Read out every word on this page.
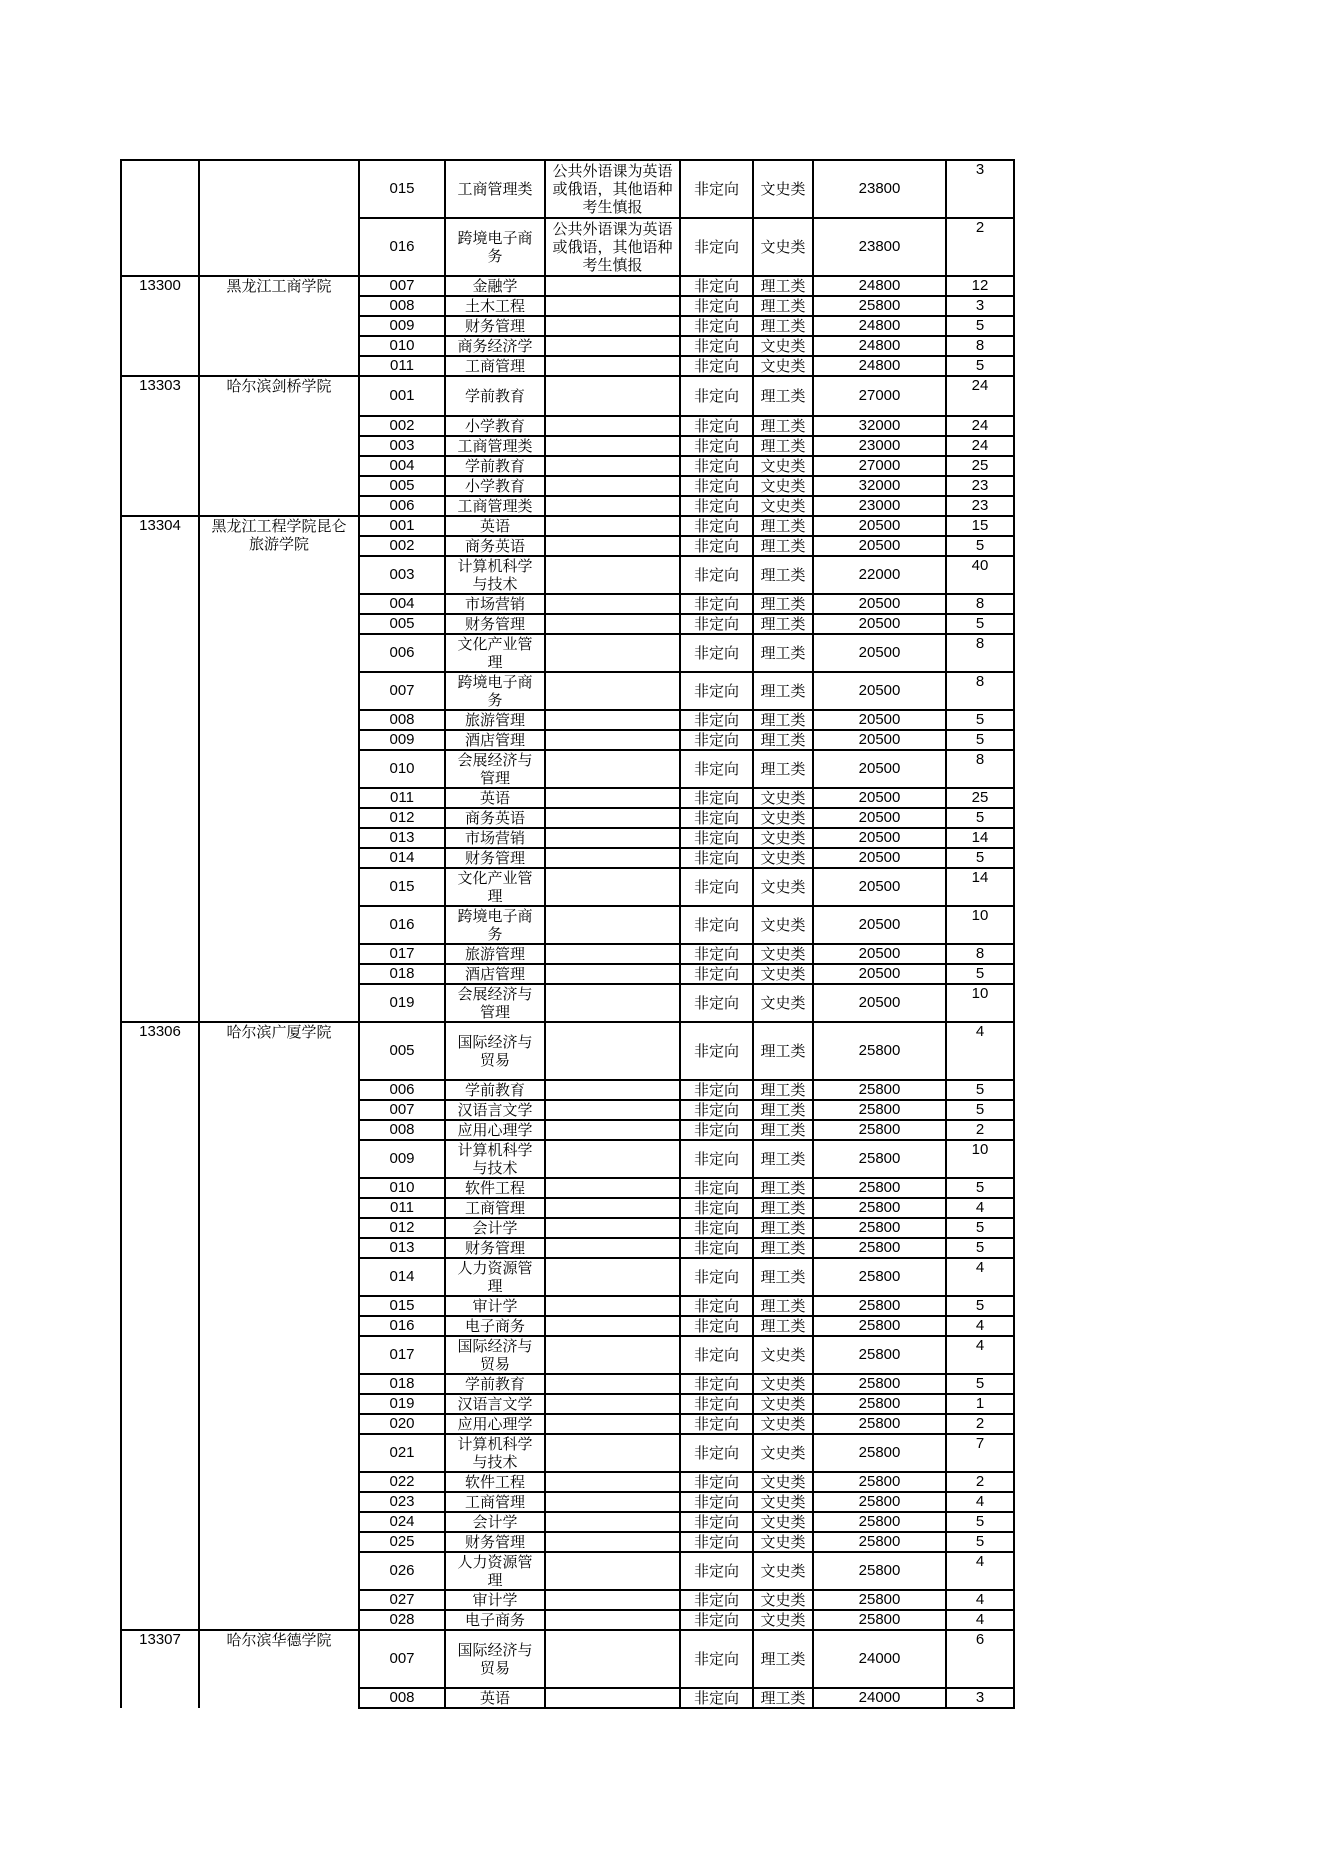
		015	工商管理类	公共外语课为英语或俄语，其他语种考生慎报	非定向	文史类	23800	3
		016	跨境电子商务	公共外语课为英语或俄语，其他语种考生慎报	非定向	文史类	23800	2
13300	黑龙江工商学院	007	金融学		非定向	理工类	24800	12
		008	土木工程		非定向	理工类	25800	3
		009	财务管理		非定向	理工类	24800	5
		010	商务经济学		非定向	文史类	24800	8
		011	工商管理		非定向	文史类	24800	5
13303	哈尔滨剑桥学院	001	学前教育		非定向	理工类	27000	24
		002	小学教育		非定向	理工类	32000	24
		003	工商管理类		非定向	理工类	23000	24
		004	学前教育		非定向	文史类	27000	25
		005	小学教育		非定向	文史类	32000	23
		006	工商管理类		非定向	文史类	23000	23
13304	黑龙江工程学院昆仑旅游学院	001	英语		非定向	理工类	20500	15
		002	商务英语		非定向	理工类	20500	5
		003	计算机科学与技术		非定向	理工类	22000	40
		004	市场营销		非定向	理工类	20500	8
		005	财务管理		非定向	理工类	20500	5
		006	文化产业管理		非定向	理工类	20500	8
		007	跨境电子商务		非定向	理工类	20500	8
		008	旅游管理		非定向	理工类	20500	5
		009	酒店管理		非定向	理工类	20500	5
		010	会展经济与管理		非定向	理工类	20500	8
		011	英语		非定向	文史类	20500	25
		012	商务英语		非定向	文史类	20500	5
		013	市场营销		非定向	文史类	20500	14
		014	财务管理		非定向	文史类	20500	5
		015	文化产业管理		非定向	文史类	20500	14
		016	跨境电子商务		非定向	文史类	20500	10
		017	旅游管理		非定向	文史类	20500	8
		018	酒店管理		非定向	文史类	20500	5
		019	会展经济与管理		非定向	文史类	20500	10
13306	哈尔滨广厦学院	005	国际经济与贸易		非定向	理工类	25800	4
		006	学前教育		非定向	理工类	25800	5
		007	汉语言文学		非定向	理工类	25800	5
		008	应用心理学		非定向	理工类	25800	2
		009	计算机科学与技术		非定向	理工类	25800	10
		010	软件工程		非定向	理工类	25800	5
		011	工商管理		非定向	理工类	25800	4
		012	会计学		非定向	理工类	25800	5
		013	财务管理		非定向	理工类	25800	5
		014	人力资源管理		非定向	理工类	25800	4
		015	审计学		非定向	理工类	25800	5
		016	电子商务		非定向	理工类	25800	4
		017	国际经济与贸易		非定向	文史类	25800	4
		018	学前教育		非定向	文史类	25800	5
		019	汉语言文学		非定向	文史类	25800	1
		020	应用心理学		非定向	文史类	25800	2
		021	计算机科学与技术		非定向	文史类	25800	7
		022	软件工程		非定向	文史类	25800	2
		023	工商管理		非定向	文史类	25800	4
		024	会计学		非定向	文史类	25800	5
		025	财务管理		非定向	文史类	25800	5
		026	人力资源管理		非定向	文史类	25800	4
		027	审计学		非定向	文史类	25800	4
		028	电子商务		非定向	文史类	25800	4
13307	哈尔滨华德学院	007	国际经济与贸易		非定向	理工类	24000	6
		008	英语		非定向	理工类	24000	3
